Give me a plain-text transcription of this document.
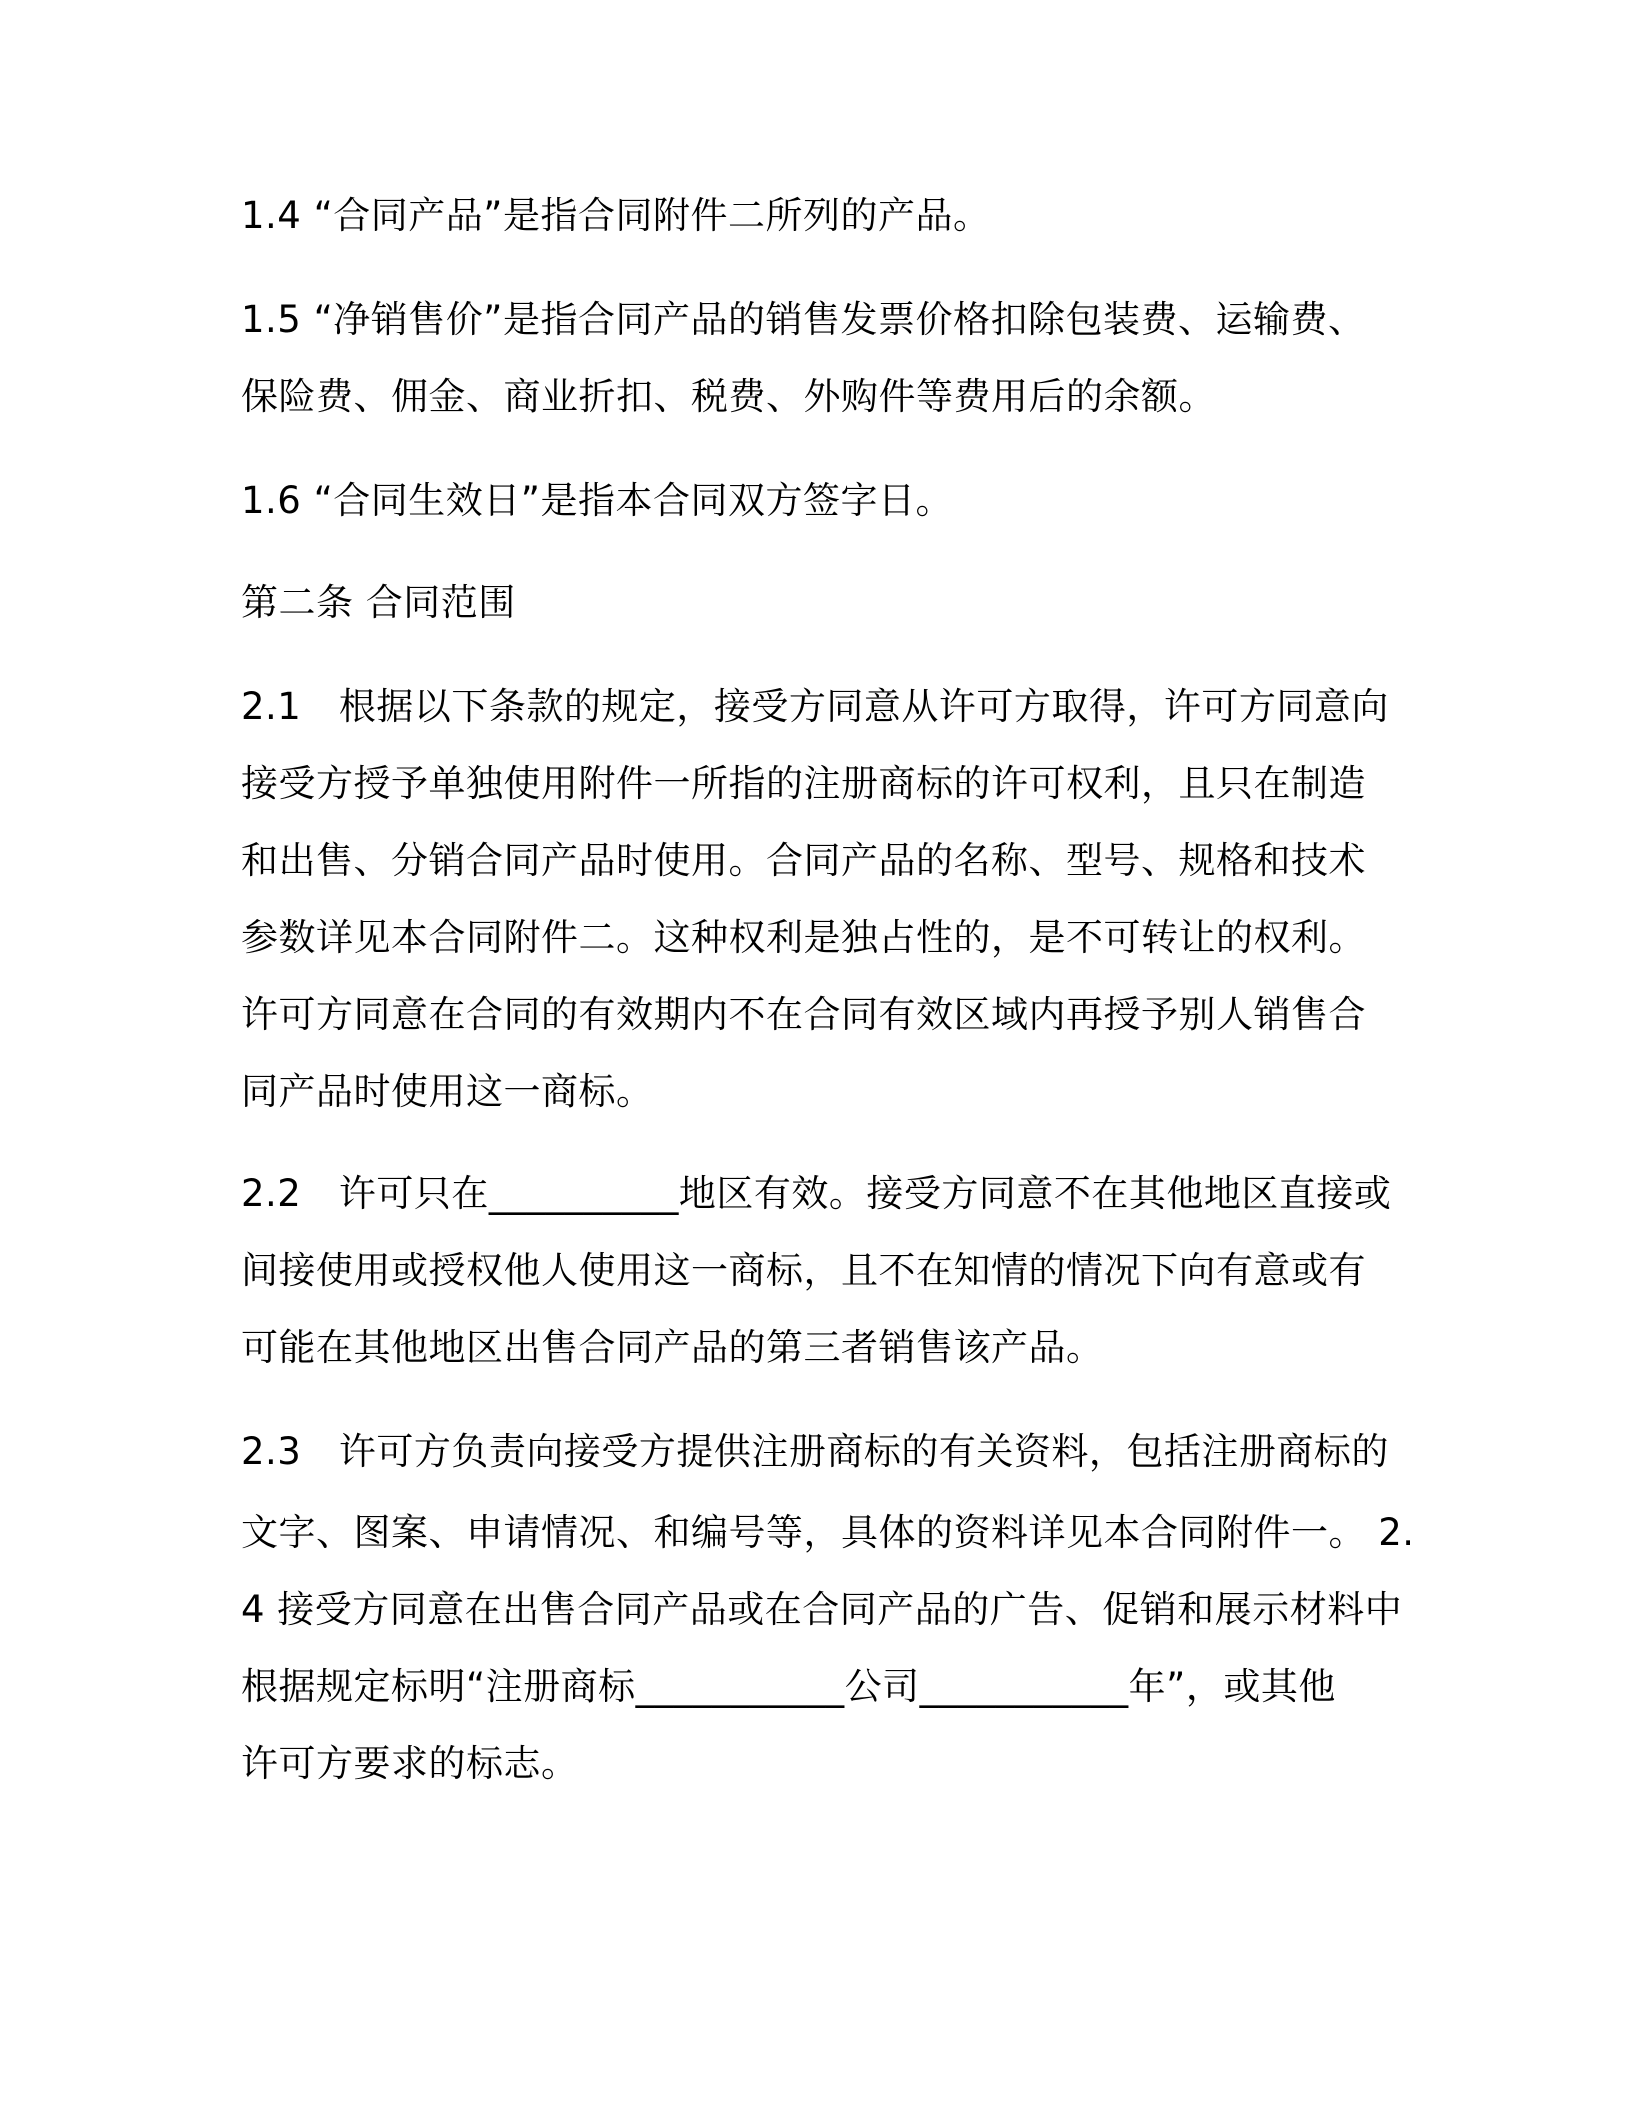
1.4 “合同产品”是指合同附件二所列的产品。
1.5 “净销售价”是指合同产品的销售发票价格扣除包装费、运输费、
保险费、佣金、商业折扣、税费、外购件等费用后的余额。
1.6 “合同生效日”是指本合同双方签字日。
第二条 合同范围
2.1　根据以下条款的规定，接受方同意从许可方取得，许可方同意向
接受方授予单独使用附件一所指的注册商标的许可权利，且只在制造
和出售、分销合同产品时使用。合同产品的名称、型号、规格和技术
参数详见本合同附件二。这种权利是独占性的，是不可转让的权利。
许可方同意在合同的有效期内不在合同有效区域内再授予别人销售合
同产品时使用这一商标。
2.2　许可只在__________地区有效。接受方同意不在其他地区直接或
间接使用或授权他人使用这一商标，且不在知情的情况下向有意或有
可能在其他地区出售合同产品的第三者销售该产品。
2.3　许可方负责向接受方提供注册商标的有关资料，包括注册商标的
文字、图案、申请情况、和编号等，具体的资料详见本合同附件一。 2.
4 接受方同意在出售合同产品或在合同产品的广告、促销和展示材料中
根据规定标明“注册商标___________公司___________年”，或其他
许可方要求的标志。
